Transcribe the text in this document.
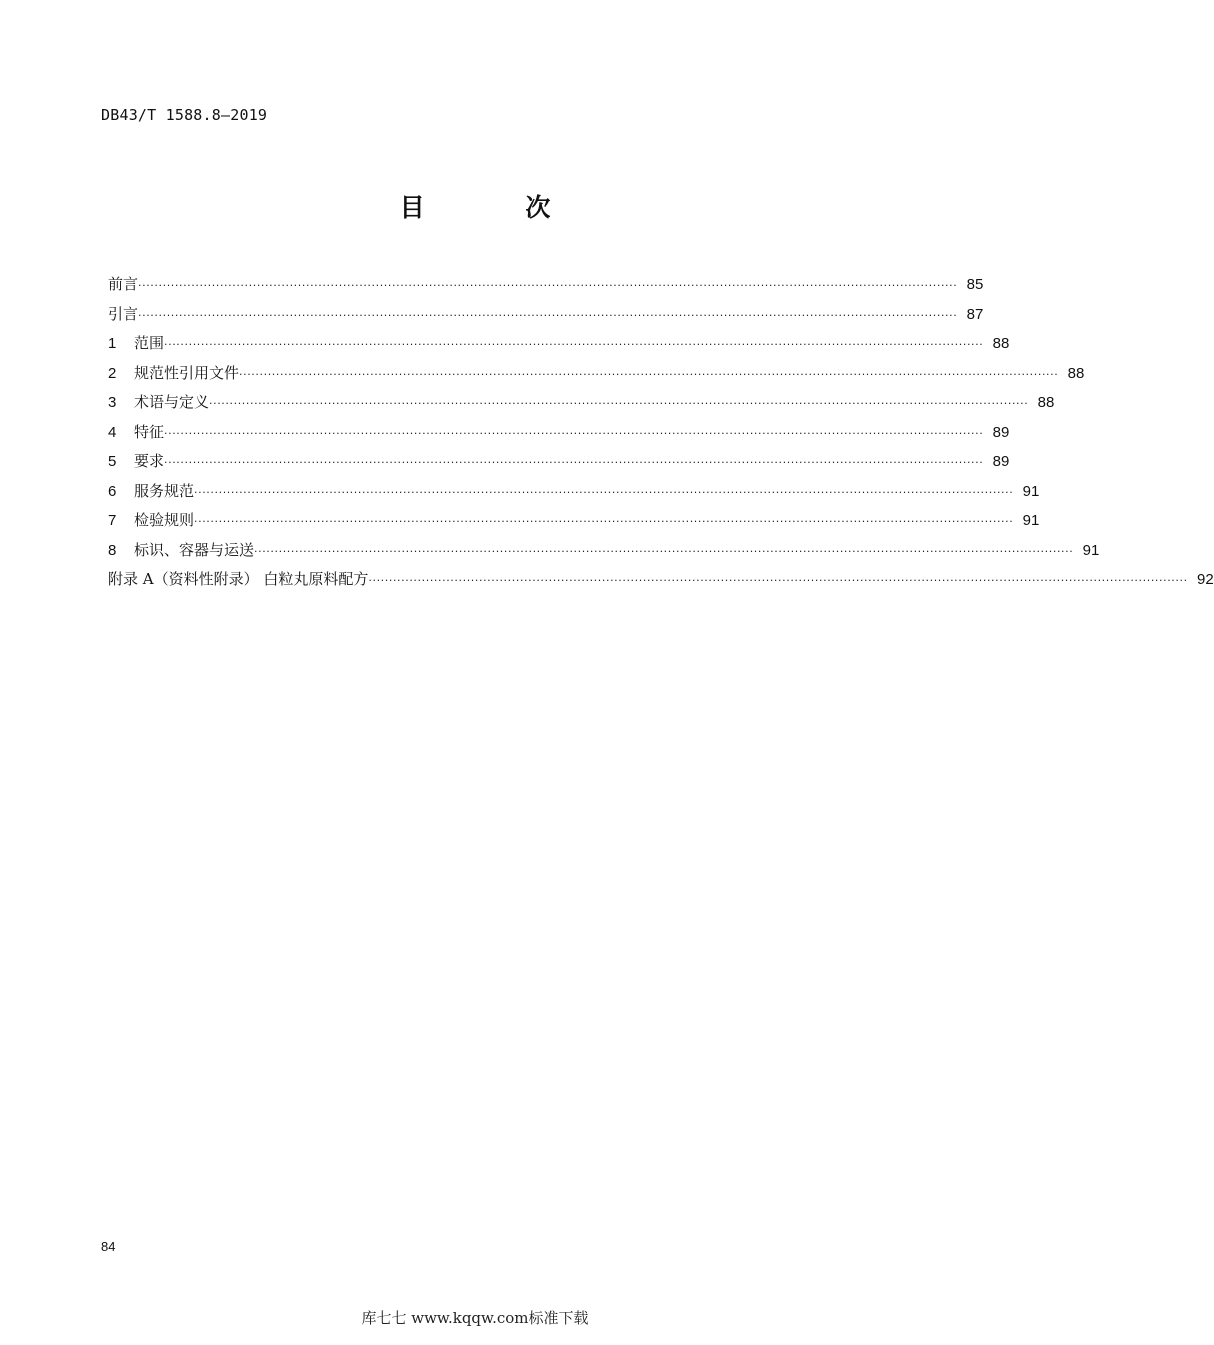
DB43/T 1588.8—2019
目 次
前言 ········································································································································································································ 85
引言 ········································································································································································································ 87
1	范围 ········································································································································································································ 88
2	规范性引用文件 ········································································································································································································ 88
3	术语与定义 ········································································································································································································ 88
4	特征 ········································································································································································································ 89
5	要求 ········································································································································································································ 89
6	服务规范 ········································································································································································································ 91
7	检验规则 ········································································································································································································ 91
8	标识、容器与运送 ········································································································································································································ 91
附录 A（资料性附录） 白粒丸原料配方 ········································································································································································································ 92
84
库七七 www.kqqw.com标准下载
